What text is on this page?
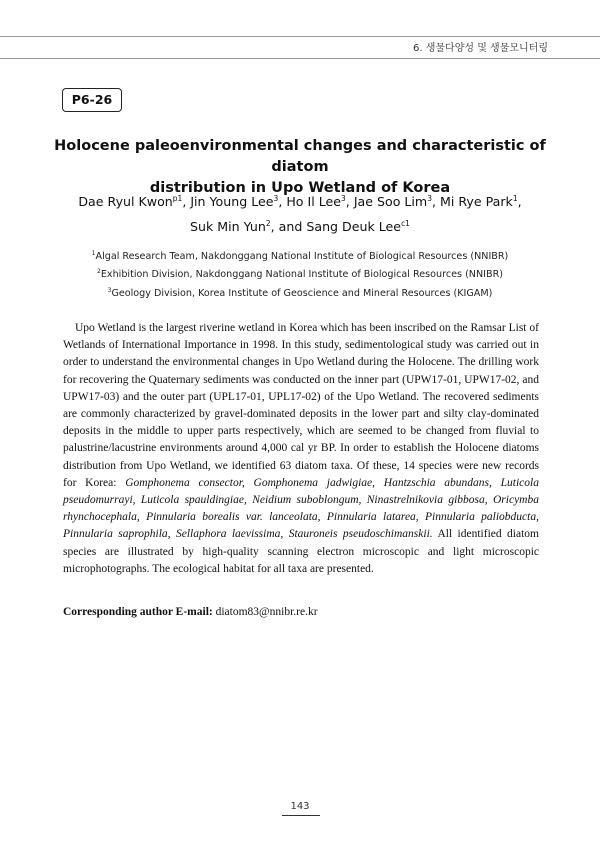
6. 생물다양성 및 생물모니터링
P6-26
Holocene paleoenvironmental changes and characteristic of diatom
distribution in Upo Wetland of Korea

Dae Ryul Kwon$^{p1}$, Jin Young Lee$^3$, Ho Il Lee$^3$, Jae Soo Lim$^3$, Mi Rye Park$^1$,
Suk Min Yun$^2$, and Sang Deuk Lee$^{c1}$

$^1$Algal Research Team, Nakdonggang National Institute of Biological Resources (NNIBR)
$^2$Exhibition Division, Nakdonggang National Institute of Biological Resources (NNIBR)
$^3$Geology Division, Korea Institute of Geoscience and Mineral Resources (KIGAM)

Upo Wetland is the largest riverine wetland in Korea which has been inscribed on the Ramsar List of Wetlands of International Importance in 1998. In this study, sedimentological study was carried out in order to understand the environmental changes in Upo Wetland during the Holocene. The drilling work for recovering the Quaternary sediments was conducted on the inner part (UPW17-01, UPW17-02, and UPW17-03) and the outer part (UPL17-01, UPL17-02) of the Upo Wetland. The recovered sediments are commonly characterized by gravel-dominated deposits in the lower part and silty clay-dominated deposits in the middle to upper parts respectively, which are seemed to be changed from fluvial to palustrine/lacustrine environments around 4,000 cal yr BP. In order to establish the Holocene diatoms distribution from Upo Wetland, we identified 63 diatom taxa. Of these, 14 species were new records for Korea: Gomphonema consector, Gomphonema jadwigiae, Hantzschia abundans, Luticola pseudomurrayi, Luticola spauldingiae, Neidium suboblongum, Ninastrelnikovia gibbosa, Oricymba rhynchocephala, Pinnularia borealis var. lanceolata, Pinnularia latarea, Pinnularia paliobducta, Pinnularia saprophila, Sellaphora laevissima, Stauroneis pseudoschimanskii. All identified diatom species are illustrated by high-quality scanning electron microscopic and light microscopic microphotographs. The ecological habitat for all taxa are presented.

Corresponding author E-mail: diatom83@nnibr.re.kr

143
